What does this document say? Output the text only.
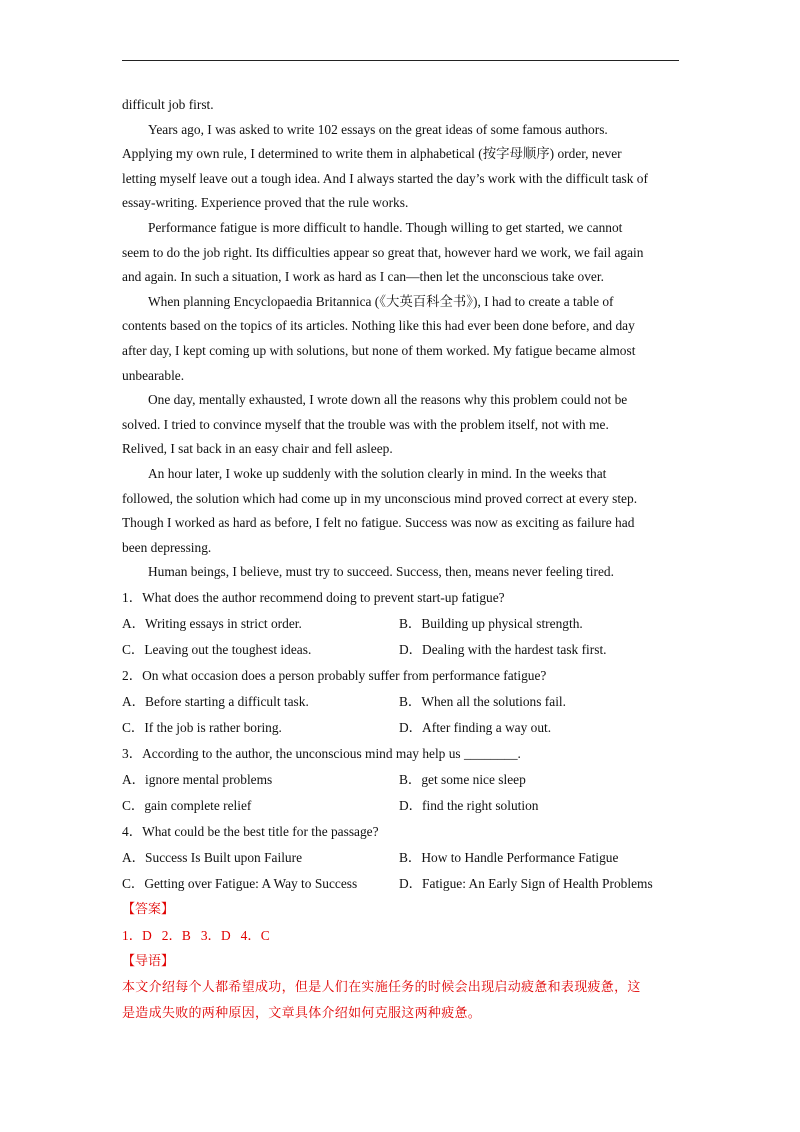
difficult job first.
Years ago, I was asked to write 102 essays on the great ideas of some famous authors.
Applying my own rule, I determined to write them in alphabetical (按字母顺序) order, never
letting myself leave out a tough idea. And I always started the day’s work with the difficult task of
essay-writing. Experience proved that the rule works.
Performance fatigue is more difficult to handle. Though willing to get started, we cannot
seem to do the job right. Its difficulties appear so great that, however hard we work, we fail again
and again. In such a situation, I work as hard as I can—then let the unconscious take over.
When planning Encyclopaedia Britannica (《大英百科全书》), I had to create a table of
contents based on the topics of its articles. Nothing like this had ever been done before, and day
after day, I kept coming up with solutions, but none of them worked. My fatigue became almost
unbearable.
One day, mentally exhausted, I wrote down all the reasons why this problem could not be
solved. I tried to convince myself that the trouble was with the problem itself, not with me.
Relived, I sat back in an easy chair and fell asleep.
An hour later, I woke up suddenly with the solution clearly in mind. In the weeks that
followed, the solution which had come up in my unconscious mind proved correct at every step.
Though I worked as hard as before, I felt no fatigue. Success was now as exciting as failure had
been depressing.
Human beings, I believe, must try to succeed. Success, then, means never feeling tired.
1．What does the author recommend doing to prevent start-up fatigue?
A．Writing essays in strict order.	B．Building up physical strength.
C．Leaving out the toughest ideas.	D．Dealing with the hardest task first.
2．On what occasion does a person probably suffer from performance fatigue?
A．Before starting a difficult task.	B．When all the solutions fail.
C．If the job is rather boring.	D．After finding a way out.
3．According to the author, the unconscious mind may help us ________.
A．ignore mental problems	B．get some nice sleep
C．gain complete relief	D．find the right solution
4．What could be the best title for the passage?
A．Success Is Built upon Failure	B．How to Handle Performance Fatigue
C．Getting over Fatigue: A Way to Success	D．Fatigue: An Early Sign of Health Problems
【答案】
1．D   2．B   3．D   4．C
【导语】
本文介绍每个人都希望成功，但是人们在实施任务的时候会出现启动疲惫和表现疲惫，这
是造成失败的两种原因，文章具体介绍如何克服这两种疲惫。
